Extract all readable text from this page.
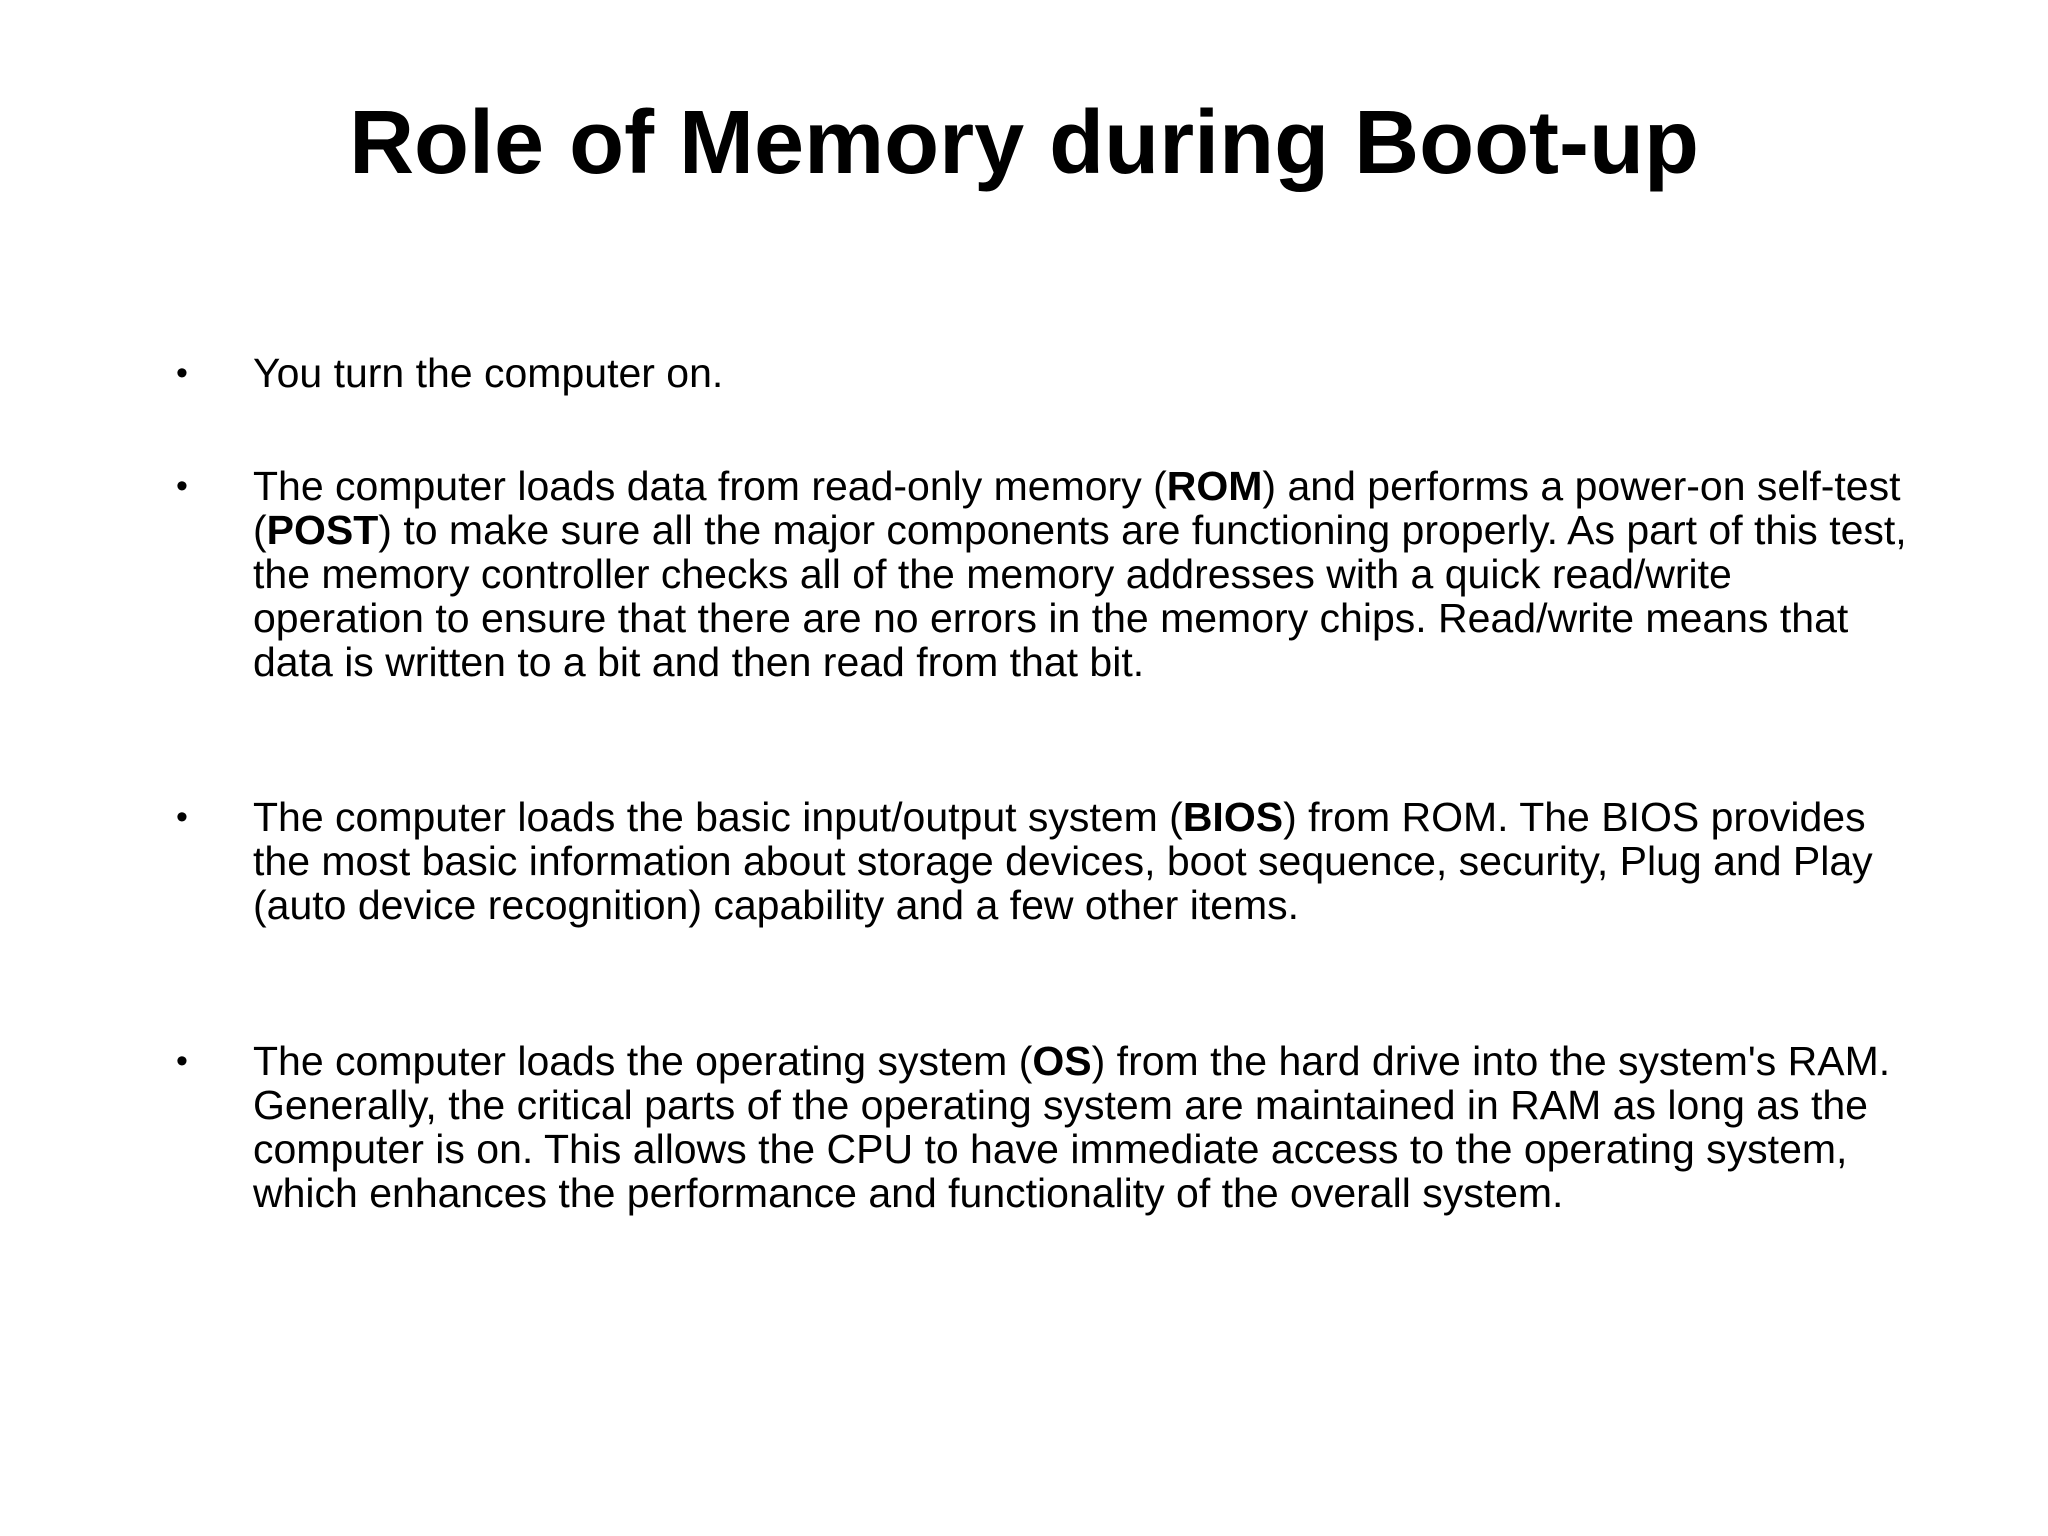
Role of Memory during Boot-up
•	You turn the computer on.
•	The computer loads data from read-only memory (ROM) and performs a power-on self-test (POST) to make sure all the major components are functioning properly. As part of this test, the memory controller checks all of the memory addresses with a quick read/write operation to ensure that there are no errors in the memory chips. Read/write means that data is written to a bit and then read from that bit.
•	The computer loads the basic input/output system (BIOS) from ROM. The BIOS provides the most basic information about storage devices, boot sequence, security, Plug and Play (auto device recognition) capability and a few other items.
•	The computer loads the operating system (OS) from the hard drive into the system's RAM. Generally, the critical parts of the operating system are maintained in RAM as long as the computer is on. This allows the CPU to have immediate access to the operating system, which enhances the performance and functionality of the overall system.
